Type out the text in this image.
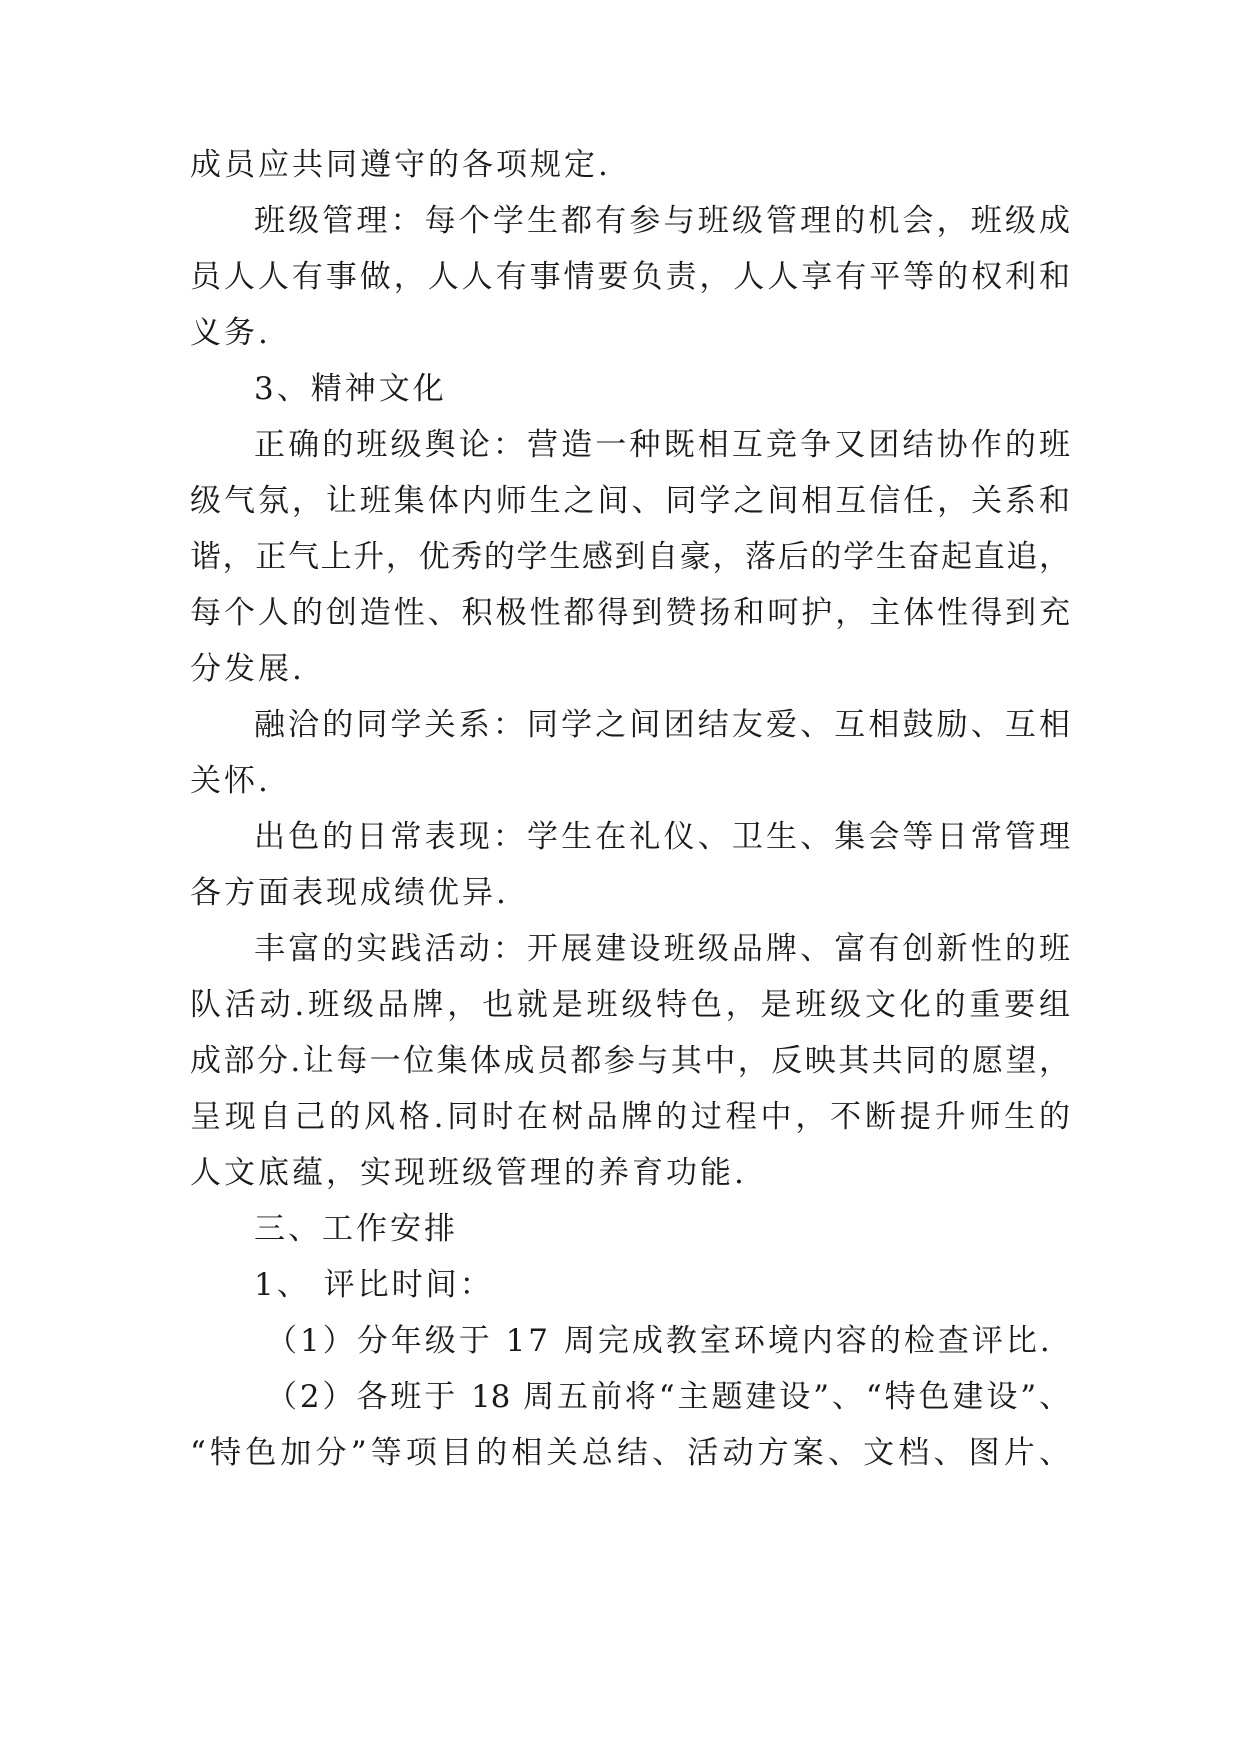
成员应共同遵守的各项规定.
班级管理：每个学生都有参与班级管理的机会，班级成
员人人有事做，人人有事情要负责，人人享有平等的权利和
义务.
3、精神文化
正确的班级舆论：营造一种既相互竞争又团结协作的班
级气氛，让班集体内师生之间、同学之间相互信任，关系和
谐，正气上升，优秀的学生感到自豪，落后的学生奋起直追，
每个人的创造性、积极性都得到赞扬和呵护，主体性得到充
分发展.
融洽的同学关系：同学之间团结友爱、互相鼓励、互相
关怀.
出色的日常表现：学生在礼仪、卫生、集会等日常管理
各方面表现成绩优异.
丰富的实践活动：开展建设班级品牌、富有创新性的班
队活动.班级品牌，也就是班级特色，是班级文化的重要组
成部分.让每一位集体成员都参与其中，反映其共同的愿望，
呈现自己的风格.同时在树品牌的过程中，不断提升师生的
人文底蕴，实现班级管理的养育功能.
三、工作安排
1、 评比时间：
（1）分年级于 17 周完成教室环境内容的检查评比.
（2）各班于 18 周五前将“主题建设”、“特色建设”、
“特色加分”等项目的相关总结、活动方案、文档、图片、
